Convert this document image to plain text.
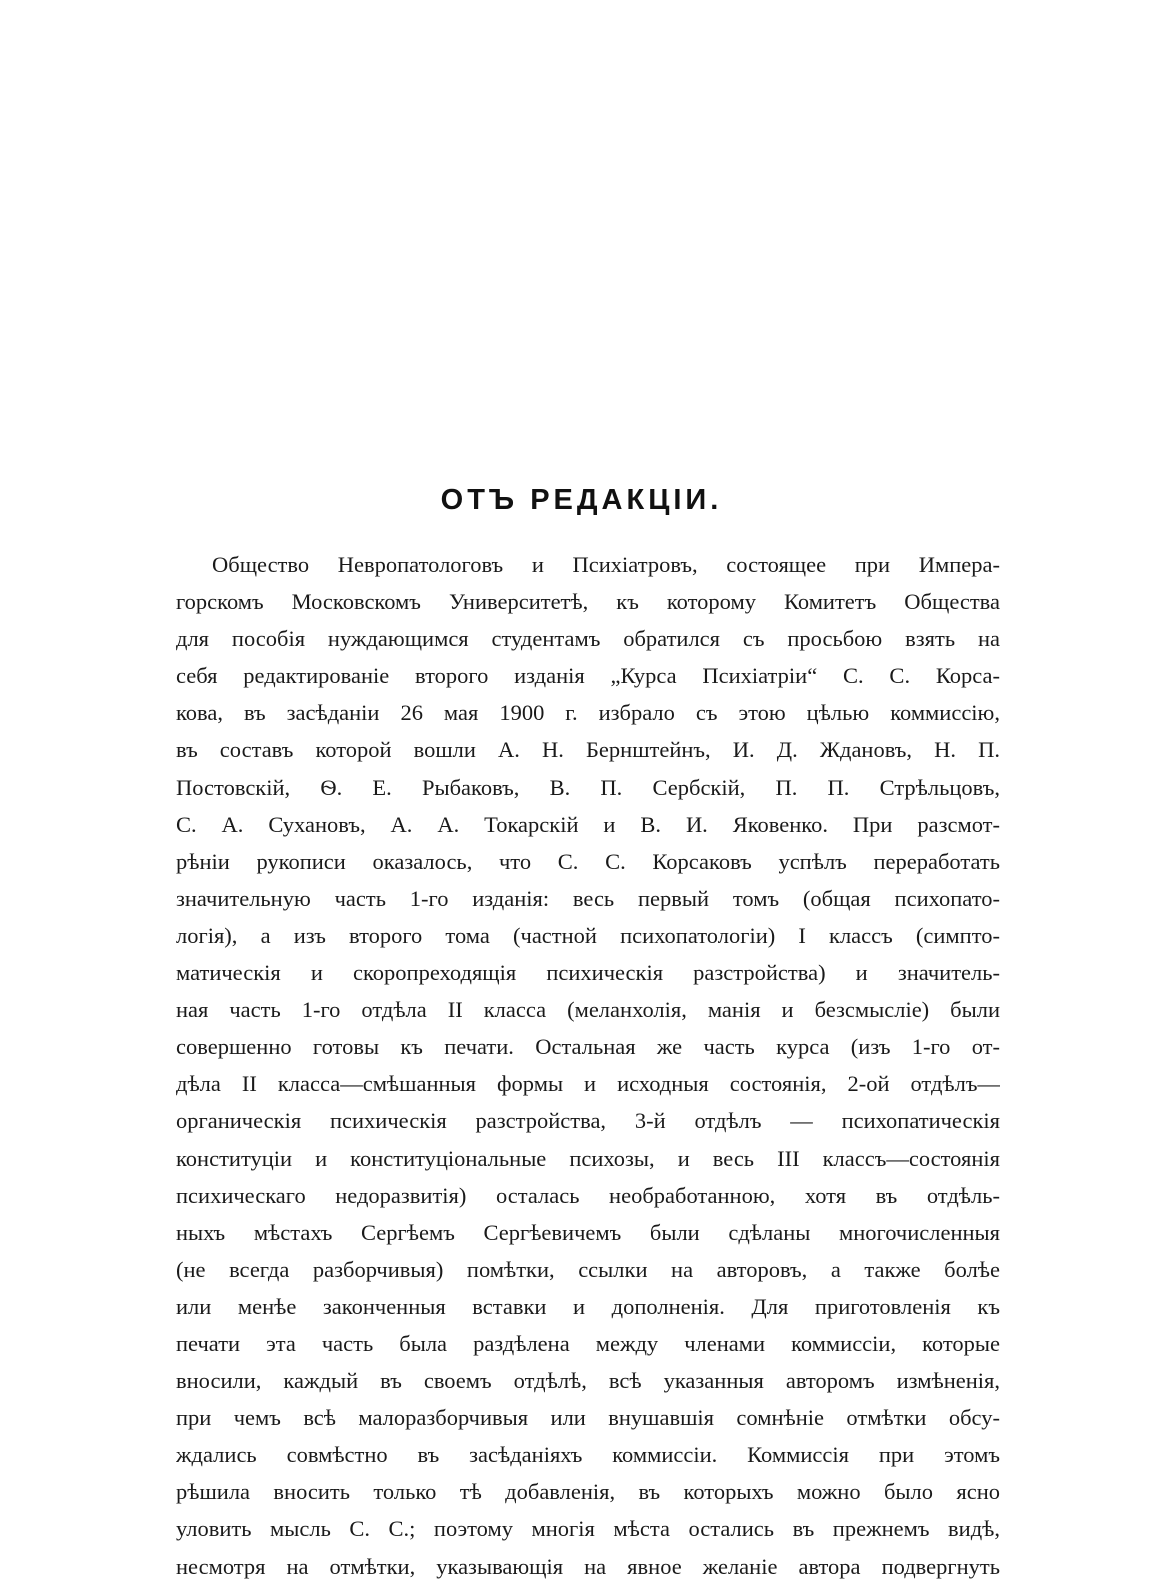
ОТЪ РЕДАКЦІИ.
Общество Невропатологовъ и Психіатровъ, состоящее при Импера-
горскомъ Московскомъ Университетѣ, къ которому Комитетъ Общества
для пособія нуждающимся студентамъ обратился съ просьбою взять на
себя редактированіе второго изданія „Курса Психіатріи“ С. С. Корса-
кова, въ засѣданіи 26 мая 1900 г. избрало съ этою цѣлью коммиссію,
въ составъ которой вошли А. Н. Бернштейнъ, И. Д. Ждановъ, Н. П.
Постовскій, Ѳ. Е. Рыбаковъ, В. П. Сербскій, П. П. Стрѣльцовъ,
С. А. Сухановъ, А. А. Токарскій и В. И. Яковенко. При разсмот-
рѣніи рукописи оказалось, что С. С. Корсаковъ успѣлъ переработать
значительную часть 1-го изданія: весь первый томъ (общая психопато-
логія), а изъ второго тома (частной психопатологіи) I классъ (симпто-
матическія и скоропреходящія психическія разстройства) и значитель-
ная часть 1-го отдѣла II класса (меланхолія, манія и безсмысліе) были
совершенно готовы къ печати. Остальная же часть курса (изъ 1-го от-
дѣла II класса—смѣшанныя формы и исходныя состоянія, 2-ой отдѣлъ—
органическія психическія разстройства, 3-й отдѣлъ — психопатическія
конституціи и конституціональные психозы, и весь III классъ—состоянія
психическаго недоразвитія) осталась необработанною, хотя въ отдѣль-
ныхъ мѣстахъ Сергѣемъ Сергѣевичемъ были сдѣланы многочисленныя
(не всегда разборчивыя) помѣтки, ссылки на авторовъ, а также болѣе
или менѣе законченныя вставки и дополненія. Для приготовленія къ
печати эта часть была раздѣлена между членами коммиссіи, которые
вносили, каждый въ своемъ отдѣлѣ, всѣ указанныя авторомъ измѣненія,
при чемъ всѣ малоразборчивыя или внушавшія сомнѣніе отмѣтки обсу-
ждались совмѣстно въ засѣданіяхъ коммиссіи. Коммиссія при этомъ
рѣшила вносить только тѣ добавленія, въ которыхъ можно было ясно
уловить мысль С. С.; поэтому многія мѣста остались въ прежнемъ видѣ,
несмотря на отмѣтки, указывающія на явное желаніе автора подвергнуть
